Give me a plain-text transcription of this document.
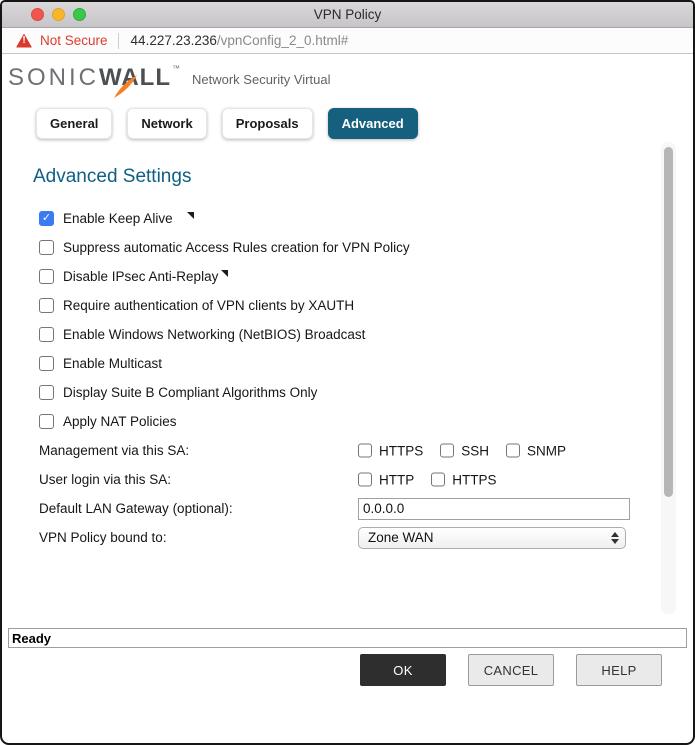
VPN Policy
!	Not Secure 44.227.23.236/vpnConfig_2_0.html#
SONICWALL™
Network Security Virtual
General	Network	Proposals	Advanced
Advanced Settings
✓ Enable Keep Alive
Suppress automatic Access Rules creation for VPN Policy
Disable IPsec Anti-Replay
Require authentication of VPN clients by XAUTH
Enable Windows Networking (NetBIOS) Broadcast
Enable Multicast
Display Suite B Compliant Algorithms Only
Apply NAT Policies
Management via this SA:	HTTPS	SSH	SNMP
User login via this SA:	HTTP	HTTPS
Default LAN Gateway (optional):
0.0.0.0
VPN Policy bound to:	Zone WAN
Ready
OK	CANCEL	HELP
